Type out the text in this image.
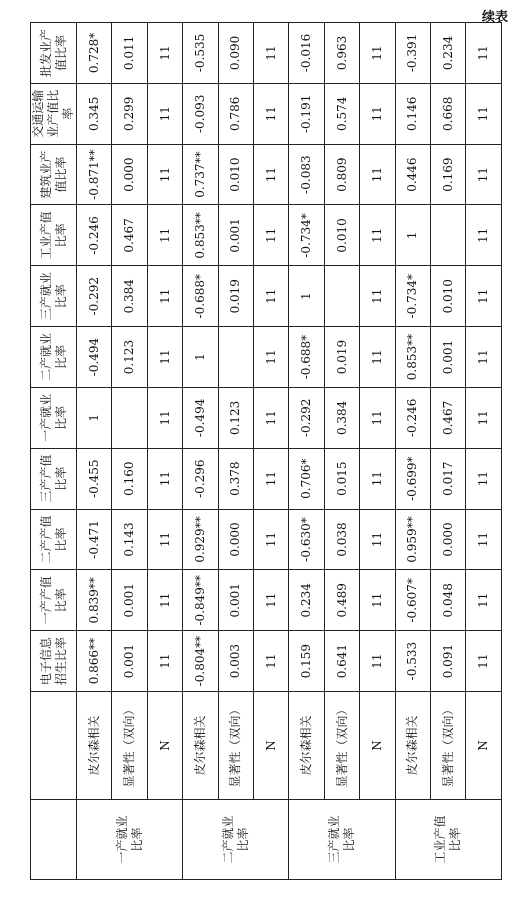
续表
		电子信息招生比率	一产产值比率	二产产值比率	三产产值比率	一产就业比率	二产就业比率	三产就业比率	工业产值比率	建筑业产值比率	交通运输业产值比率	批发业产值比率
一产就业比率	皮尔森相关	0.866**	0.839**	-0.471	-0.455	1	-0.494	-0.292	-0.246	-0.871**	0.345	0.728*
	显著性（双向）	0.001	0.001	0.143	0.160		0.123	0.384	0.467	0.000	0.299	0.011
	N	11	11	11	11	11	11	11	11	11	11	11
二产就业比率	皮尔森相关	-0.804**	-0.849**	0.929**	-0.296	-0.494	1	-0.688*	0.853**	0.737**	-0.093	-0.535
	显著性（双向）	0.003	0.001	0.000	0.378	0.123		0.019	0.001	0.010	0.786	0.090
	N	11	11	11	11	11	11	11	11	11	11	11
三产就业比率	皮尔森相关	0.159	0.234	-0.630*	0.706*	-0.292	-0.688*	1	-0.734*	-0.083	-0.191	-0.016
	显著性（双向）	0.641	0.489	0.038	0.015	0.384	0.019		0.010	0.809	0.574	0.963
	N	11	11	11	11	11	11	11	11	11	11	11
工业产值比率	皮尔森相关	-0.533	-0.607*	0.959**	-0.699*	-0.246	0.853**	-0.734*	1	0.446	0.146	-0.391
	显著性（双向）	0.091	0.048	0.000	0.017	0.467	0.001	0.010		0.169	0.668	0.234
	N	11	11	11	11	11	11	11	11	11	11	11
